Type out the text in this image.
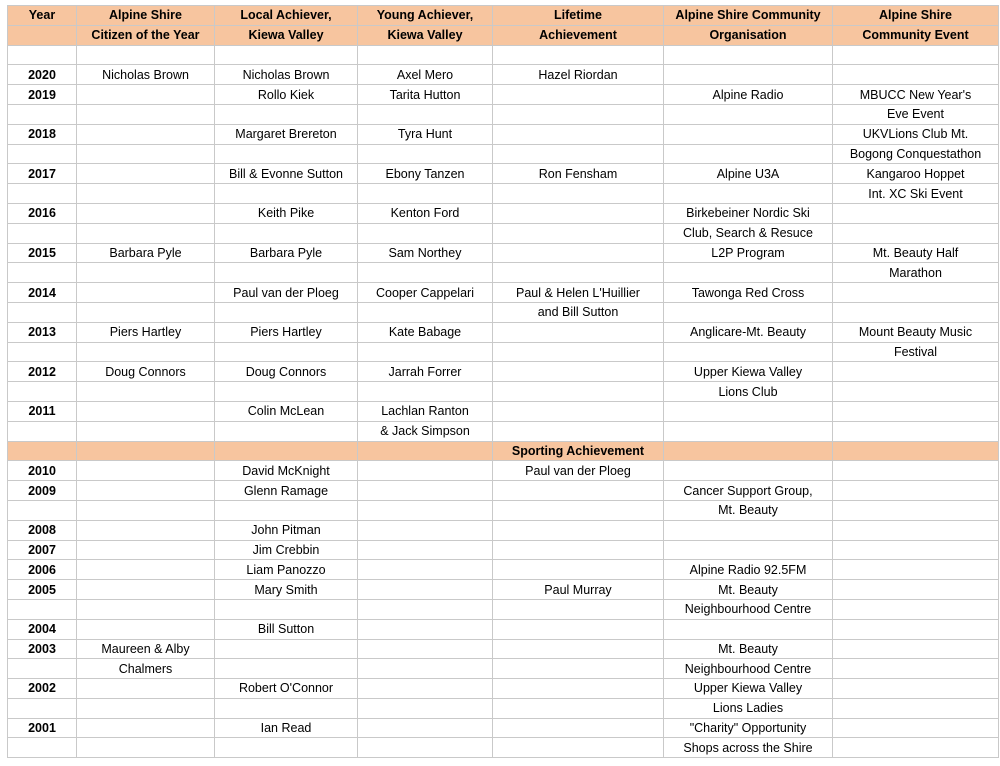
Year	Alpine Shire	Local Achiever,	Young Achiever,	Lifetime	Alpine Shire Community	Alpine Shire
	Citizen of the Year	Kiewa Valley	Kiewa Valley	Achievement	Organisation	Community Event

2020	Nicholas Brown	Nicholas Brown	Axel Mero	Hazel Riordan		
2019		Rollo Kiek	Tarita Hutton		Alpine Radio	MBUCC New Year's
						Eve Event
2018		Margaret Brereton	Tyra Hunt			UKVLions Club Mt.
						Bogong Conquestathon
2017		Bill & Evonne Sutton	Ebony Tanzen	Ron Fensham	Alpine U3A	Kangaroo Hoppet
						Int. XC Ski Event
2016		Keith Pike	Kenton Ford		Birkebeiner Nordic Ski	
					Club, Search & Resuce	
2015	Barbara Pyle	Barbara Pyle	Sam Northey		L2P Program	Mt. Beauty Half
						Marathon
2014		Paul van der Ploeg	Cooper Cappelari	Paul & Helen L'Huillier	Tawonga Red Cross	
				and Bill Sutton		
2013	Piers Hartley	Piers Hartley	Kate Babage		Anglicare-Mt. Beauty	Mount Beauty Music
						Festival
2012	Doug Connors	Doug Connors	Jarrah Forrer		Upper Kiewa Valley	
					Lions Club	
2011		Colin McLean	Lachlan Ranton			
			& Jack Simpson			
				Sporting Achievement		
2010		David McKnight		Paul van der Ploeg		
2009		Glenn Ramage			Cancer Support Group,	
					Mt. Beauty	
2008		John Pitman				
2007		Jim Crebbin				
2006		Liam Panozzo			Alpine Radio 92.5FM	
2005		Mary Smith		Paul Murray	Mt. Beauty	
					Neighbourhood Centre	
2004		Bill Sutton				
2003	Maureen & Alby				Mt. Beauty	
	Chalmers				Neighbourhood Centre	
2002		Robert O'Connor			Upper Kiewa Valley	
					Lions Ladies	
2001		Ian Read			"Charity" Opportunity	
					Shops across the Shire	
